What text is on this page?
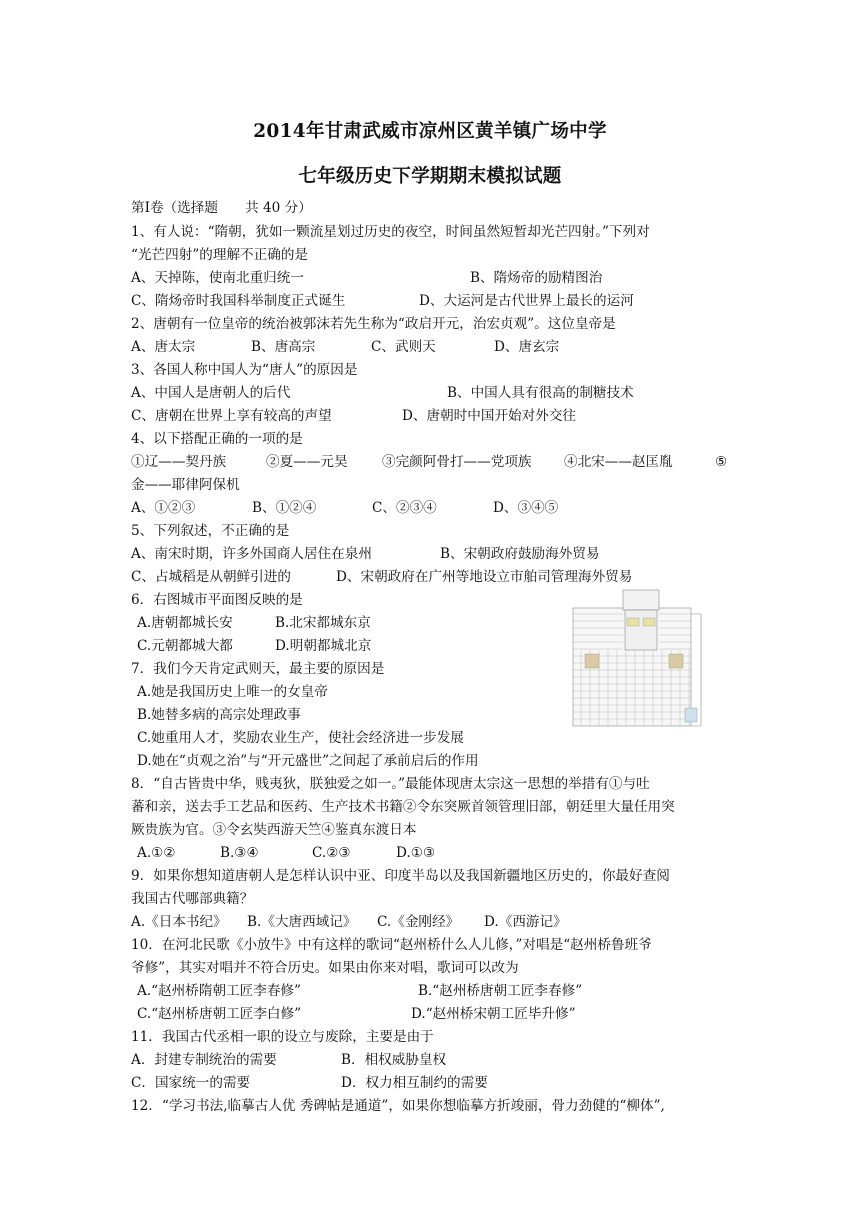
2014年甘肃武威市凉州区黄羊镇广场中学
七年级历史下学期期末模拟试题
第Ⅰ卷（选择题　　共 40 分）
1、有人说：“隋朝，犹如一颗流星划过历史的夜空，时间虽然短暂却光芒四射。”下列对
“光芒四射”的理解不正确的是
A、天掉陈，使南北重归统一	B、隋炀帝的励精图治
C、隋炀帝时我国科举制度正式诞生	D、大运河是古代世界上最长的运河
2、唐朝有一位皇帝的统治被郭沫若先生称为“政启开元，治宏贞观”。这位皇帝是
A、唐太宗	B、唐高宗	C、武则天	D、唐玄宗
3、各国人称中国人为“唐人”的原因是
A、中国人是唐朝人的后代	B、中国人具有很高的制糖技术
C、唐朝在世界上享有较高的声望	D、唐朝时中国开始对外交往
4、以下搭配正确的一项的是
①辽——契丹族	②夏——元昊	③完颜阿骨打——党项族 ④北宋——赵匡胤	⑤
金——耶律阿保机
A、①②③	B、①②④	C、②③④	D、③④⑤
5、下列叙述，不正确的是
A、南宋时期，许多外国商人居住在泉州	B、宋朝政府鼓励海外贸易
C、占城稻是从朝鲜引进的	D、宋朝政府在广州等地设立市舶司管理海外贸易
6．右图城市平面图反映的是
A.唐朝都城长安	B.北宋都城东京
C.元朝都城大都	D.明朝都城北京
7．我们今天肯定武则天，最主要的原因是
A.她是我国历史上唯一的女皇帝
B.她替多病的高宗处理政事
C.她重用人才，奖励农业生产，使社会经济进一步发展
D.她在“贞观之治”与“开元盛世”之间起了承前启后的作用
8．“自古皆贵中华，贱夷狄，朕独爱之如一。”最能体现唐太宗这一思想的举措有①与吐
蕃和亲，送去手工艺品和医药、生产技术书籍②令东突厥首领管理旧部，朝廷里大量任用突
厥贵族为官。③令玄奘西游天竺④鉴真东渡日本
A.①②	B.③④	C.②③	D.①③
9．如果你想知道唐朝人是怎样认识中亚、印度半岛以及我国新疆地区历史的，你最好查阅
我国古代哪部典籍？
A.《日本书纪》 B.《大唐西域记》 C.《金刚经》 D.《西游记》
10．在河北民歌《小放牛》中有这样的歌词“赵州桥什么人儿修，”对唱是“赵州桥鲁班爷
爷修”，其实对唱并不符合历史。如果由你来对唱，歌词可以改为
A.“赵州桥隋朝工匠李春修”	B.“赵州桥唐朝工匠李春修”
C.“赵州桥唐朝工匠李白修”	D.“赵州桥宋朝工匠毕升修”
11．我国古代丞相一职的设立与废除，主要是由于
A．封建专制统治的需要	B．相权威胁皇权
C．国家统一的需要	D．权力相互制约的需要
12．“学习书法,临摹古人优 秀碑帖是通道”，如果你想临摹方折竣丽，骨力劲健的“柳体”,
